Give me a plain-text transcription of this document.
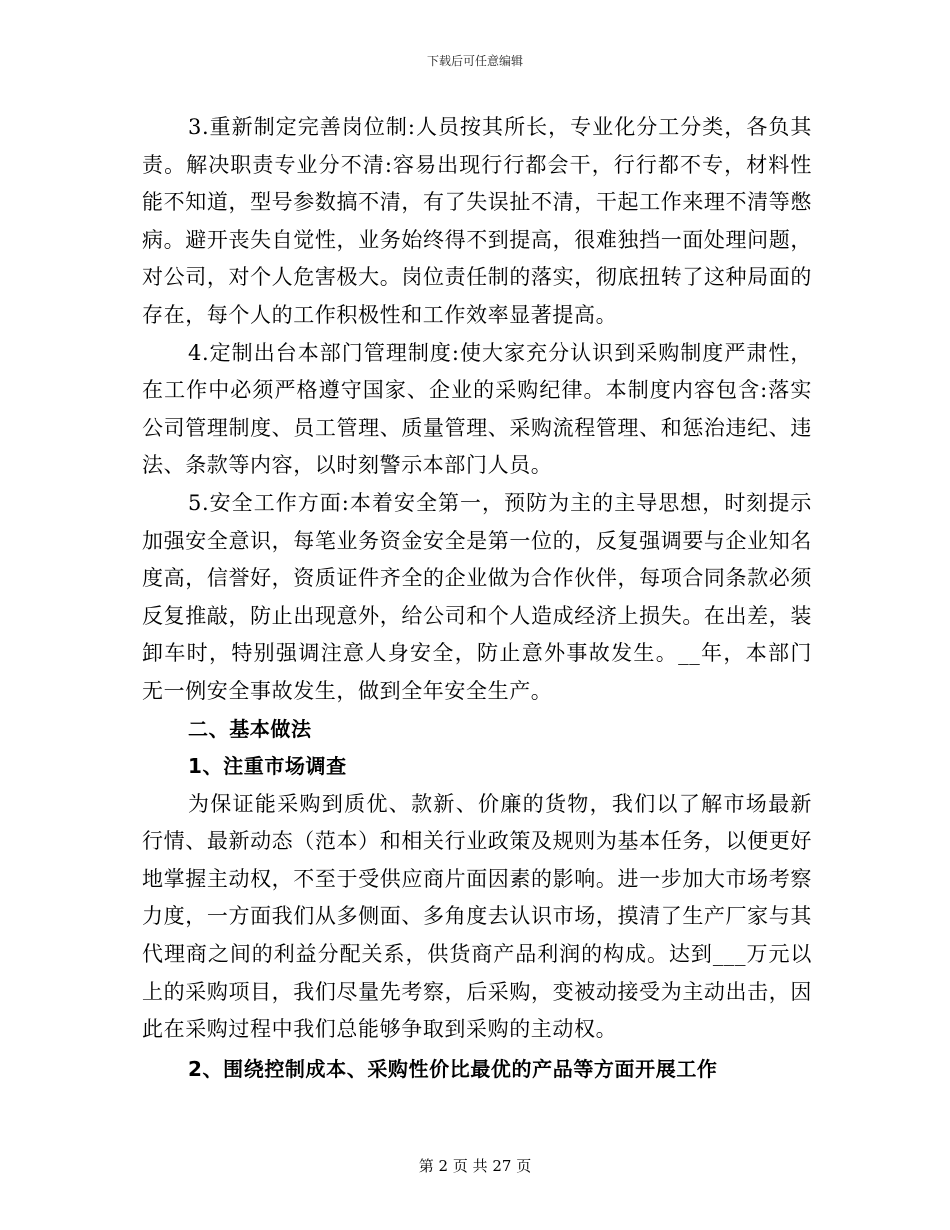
下载后可任意编辑

3.重新制定完善岗位制:人员按其所长，专业化分工分类，各负其责。解决职责专业分不清:容易出现行行都会干，行行都不专，材料性能不知道，型号参数搞不清，有了失误扯不清，干起工作来理不清等憋病。避开丧失自觉性，业务始终得不到提高，很难独挡一面处理问题，对公司，对个人危害极大。岗位责任制的落实，彻底扭转了这种局面的存在，每个人的工作积极性和工作效率显著提高。

4.定制出台本部门管理制度:使大家充分认识到采购制度严肃性，在工作中必须严格遵守国家、企业的采购纪律。本制度内容包含:落实公司管理制度、员工管理、质量管理、采购流程管理、和惩治违纪、违法、条款等内容，以时刻警示本部门人员。

5.安全工作方面:本着安全第一，预防为主的主导思想，时刻提示加强安全意识，每笔业务资金安全是第一位的，反复强调要与企业知名度高，信誉好，资质证件齐全的企业做为合作伙伴，每项合同条款必须反复推敲，防止出现意外，给公司和个人造成经济上损失。在出差，装卸车时，特别强调注意人身安全，防止意外事故发生。__年，本部门无一例安全事故发生，做到全年安全生产。

二、基本做法

1、注重市场调查

为保证能采购到质优、款新、价廉的货物，我们以了解市场最新行情、最新动态（范本）和相关行业政策及规则为基本任务，以便更好地掌握主动权，不至于受供应商片面因素的影响。进一步加大市场考察力度，一方面我们从多侧面、多角度去认识市场，摸清了生产厂家与其代理商之间的利益分配关系，供货商产品利润的构成。达到___万元以上的采购项目，我们尽量先考察，后采购，变被动接受为主动出击，因此在采购过程中我们总能够争取到采购的主动权。

2、围绕控制成本、采购性价比最优的产品等方面开展工作

第 2 页 共 27 页
